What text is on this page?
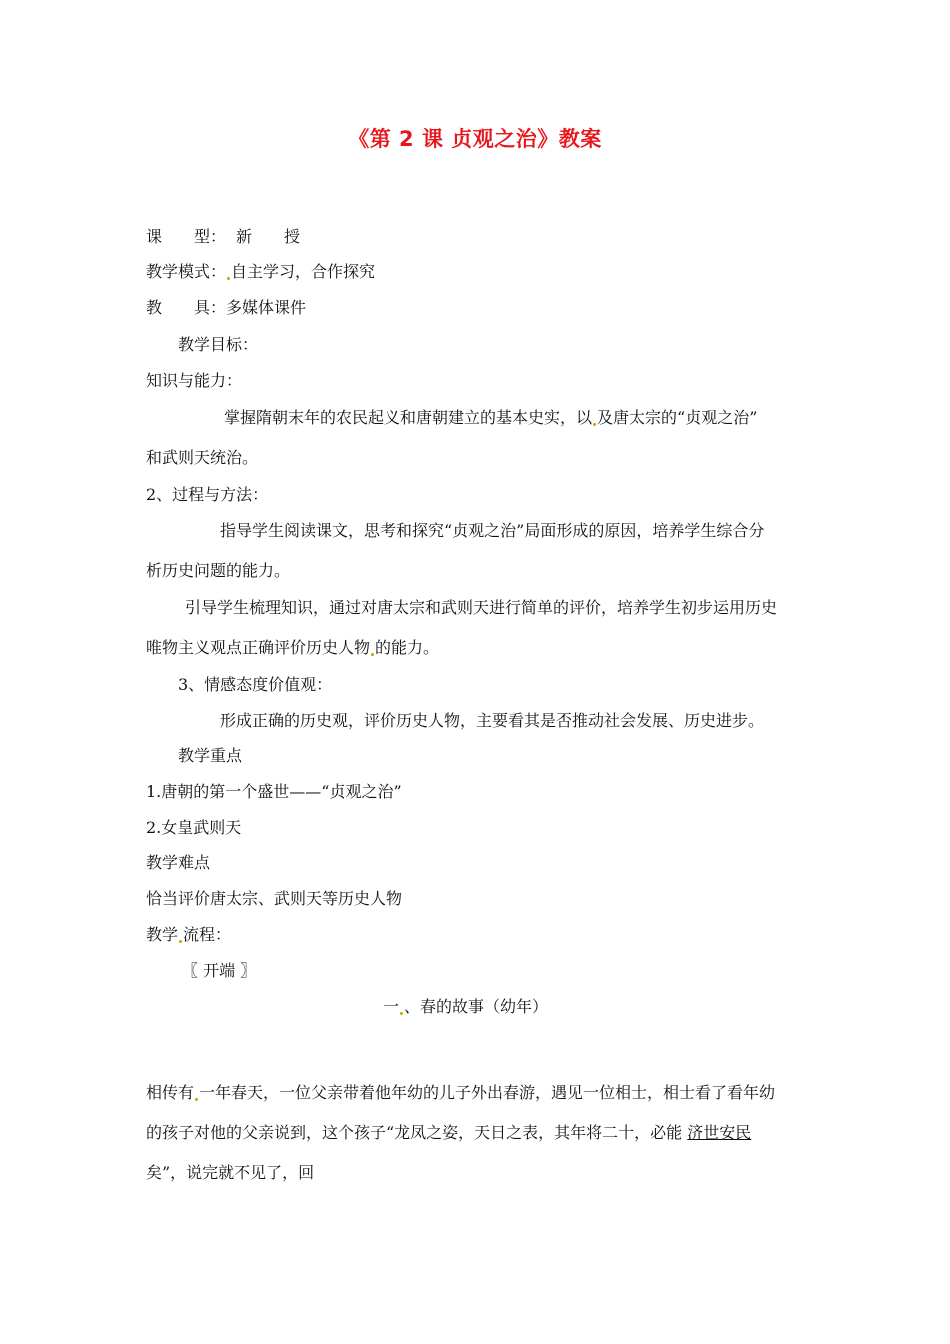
《第 2 课 贞观之治》教案
课　　型： 新　　授
教学模式： 自主学习，合作探究
教　　具：多媒体课件
教学目标：
知识与能力：
掌握隋朝末年的农民起义和唐朝建立的基本史实，以 及唐太宗的“贞观之治”
和武则天统治。
2、过程与方法：
指导学生阅读课文，思考和探究“贞观之治”局面形成的原因，培养学生综合分
析历史问题的能力。
引导学生梳理知识，通过对唐太宗和武则天进行简单的评价，培养学生初步运用历史
唯物主义观点正确评价历史人物 的能力。
3、情感态度价值观：
形成正确的历史观，评价历史人物，主要看其是否推动社会发展、历史进步。
教学重点
1.唐朝的第一个盛世——“贞观之治”
2.女皇武则天
教学难点
恰当评价唐太宗、武则天等历史人物
教学 流程：
〖 开端 〗
一 、春的故事（幼年）
相传有 一年春天，一位父亲带着他年幼的儿子外出春游，遇见一位相士，相士看了看年幼
的孩子对他的父亲说到，这个孩子“龙凤之姿，天日之表，其年将二十，必能 济世安民
矣”，说完就不见了，回
